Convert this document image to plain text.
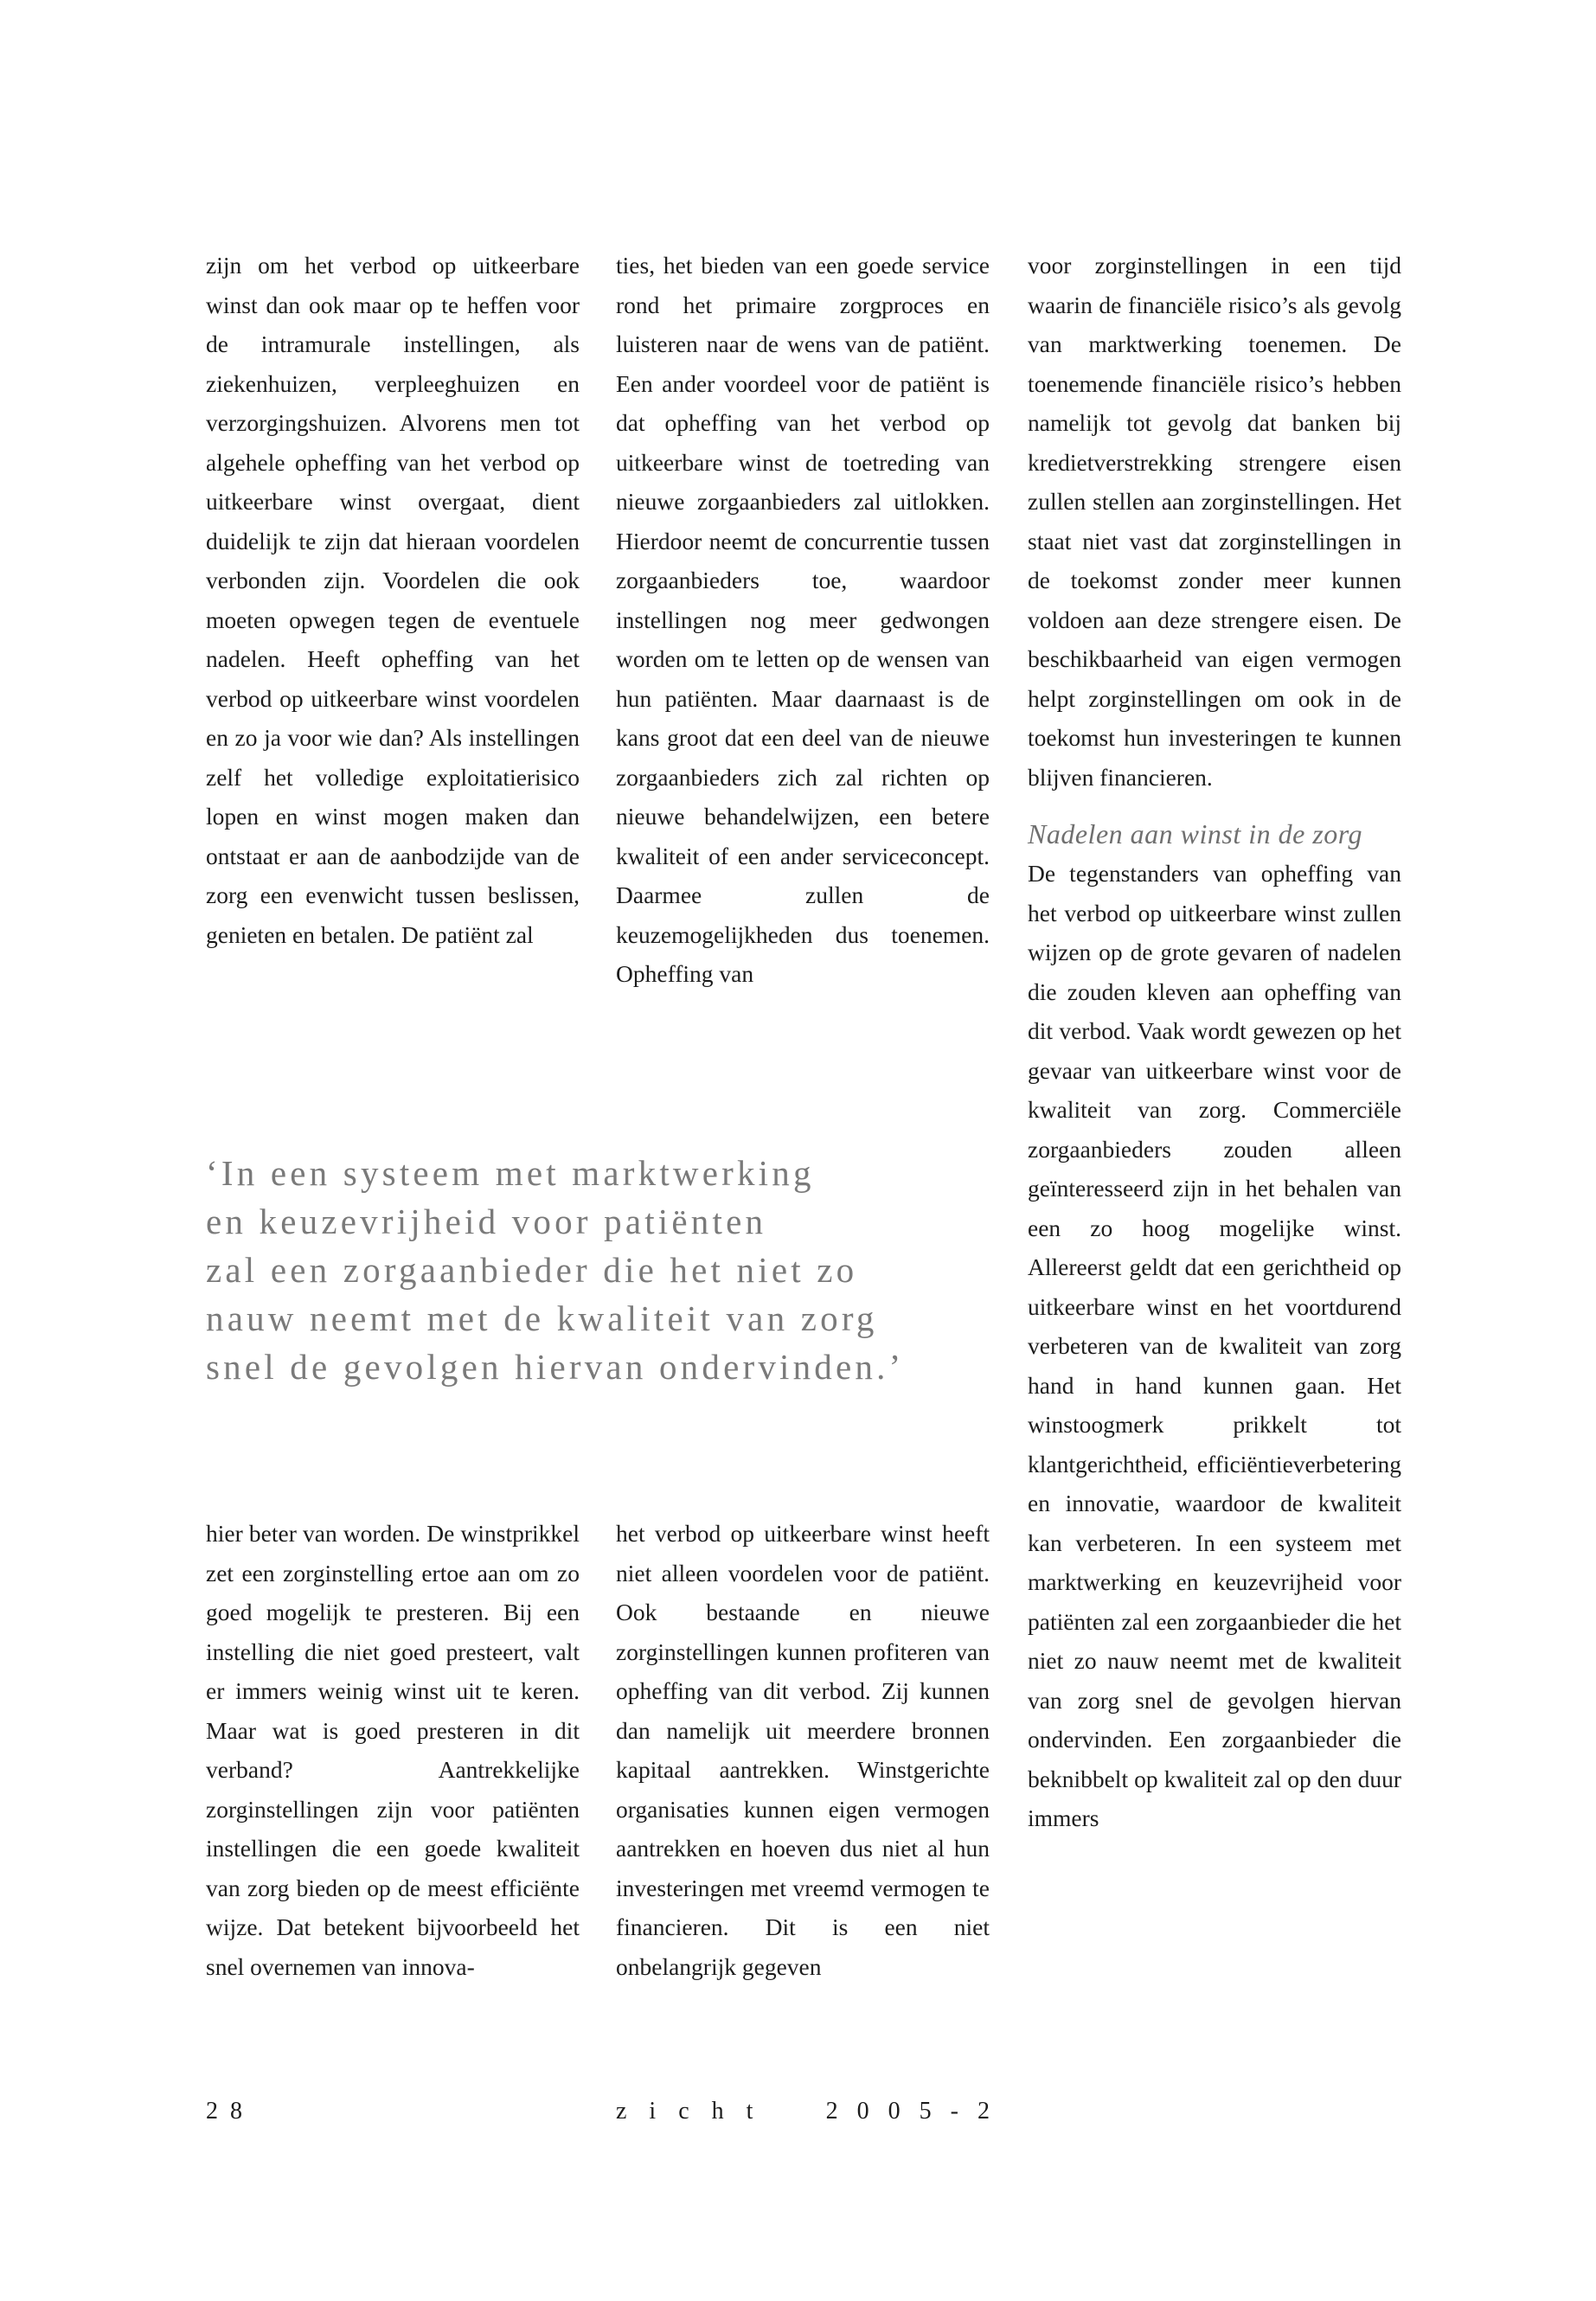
zijn om het verbod op uitkeerbare winst dan ook maar op te heffen voor de intramurale instellingen, als ziekenhuizen, verpleeghuizen en verzorgingshuizen. Alvorens men tot algehele opheffing van het verbod op uitkeerbare winst overgaat, dient duidelijk te zijn dat hieraan voordelen verbonden zijn. Voordelen die ook moeten opwegen tegen de eventuele nadelen. Heeft opheffing van het verbod op uitkeerbare winst voordelen en zo ja voor wie dan? Als instellingen zelf het volledige exploitatierisico lopen en winst mogen maken dan ontstaat er aan de aanbodzijde van de zorg een evenwicht tussen beslissen, genieten en betalen. De patiënt zal

ties, het bieden van een goede service rond het primaire zorgproces en luisteren naar de wens van de patiënt. Een ander voordeel voor de patiënt is dat opheffing van het verbod op uitkeerbare winst de toetreding van nieuwe zorgaanbieders zal uitlokken. Hierdoor neemt de concurrentie tussen zorgaanbieders toe, waardoor instellingen nog meer gedwongen worden om te letten op de wensen van hun patiënten. Maar daarnaast is de kans groot dat een deel van de nieuwe zorgaanbieders zich zal richten op nieuwe behandelwijzen, een betere kwaliteit of een ander serviceconcept. Daarmee zullen de keuzemogelijkheden dus toenemen. Opheffing van

voor zorginstellingen in een tijd waarin de financiële risico’s als gevolg van marktwerking toenemen. De toenemende financiële risico’s hebben namelijk tot gevolg dat banken bij kredietverstrekking strengere eisen zullen stellen aan zorginstellingen. Het staat niet vast dat zorginstellingen in de toekomst zonder meer kunnen voldoen aan deze strengere eisen. De beschikbaarheid van eigen vermogen helpt zorginstellingen om ook in de toekomst hun investeringen te kunnen blijven financieren.

Nadelen aan winst in de zorg

De tegenstanders van opheffing van het verbod op uitkeerbare winst zullen wijzen op de grote gevaren of nadelen die zouden kleven aan opheffing van dit verbod. Vaak wordt gewezen op het gevaar van uitkeerbare winst voor de kwaliteit van zorg. Commerciële zorgaanbieders zouden alleen geïnteresseerd zijn in het behalen van een zo hoog mogelijke winst. Allereerst geldt dat een gerichtheid op uitkeerbare winst en het voortdurend verbeteren van de kwaliteit van zorg hand in hand kunnen gaan. Het winstoogmerk prikkelt tot klantgerichtheid, efficiëntieverbetering en innovatie, waardoor de kwaliteit kan verbeteren. In een systeem met marktwerking en keuzevrijheid voor patiënten zal een zorgaanbieder die het niet zo nauw neemt met de kwaliteit van zorg snel de gevolgen hiervan ondervinden. Een zorgaanbieder die beknibbelt op kwaliteit zal op den duur immers

‘In een systeem met marktwerking
en keuzevrijheid voor patiënten
zal een zorgaanbieder die het niet zo
nauw neemt met de kwaliteit van zorg
snel de gevolgen hiervan ondervinden.’

hier beter van worden. De winstprikkel zet een zorginstelling ertoe aan om zo goed mogelijk te presteren. Bij een instelling die niet goed presteert, valt er immers weinig winst uit te keren. Maar wat is goed presteren in dit verband? Aantrekkelijke zorginstellingen zijn voor patiënten instellingen die een goede kwaliteit van zorg bieden op de meest efficiënte wijze. Dat betekent bijvoorbeeld het snel overnemen van innova-

het verbod op uitkeerbare winst heeft niet alleen voordelen voor de patiënt. Ook bestaande en nieuwe zorginstellingen kunnen profiteren van opheffing van dit verbod. Zij kunnen dan namelijk uit meerdere bronnen kapitaal aantrekken. Winstgerichte organisaties kunnen eigen vermogen aantrekken en hoeven dus niet al hun investeringen met vreemd vermogen te financieren. Dit is een niet onbelangrijk gegeven

28	zicht 2005-2
